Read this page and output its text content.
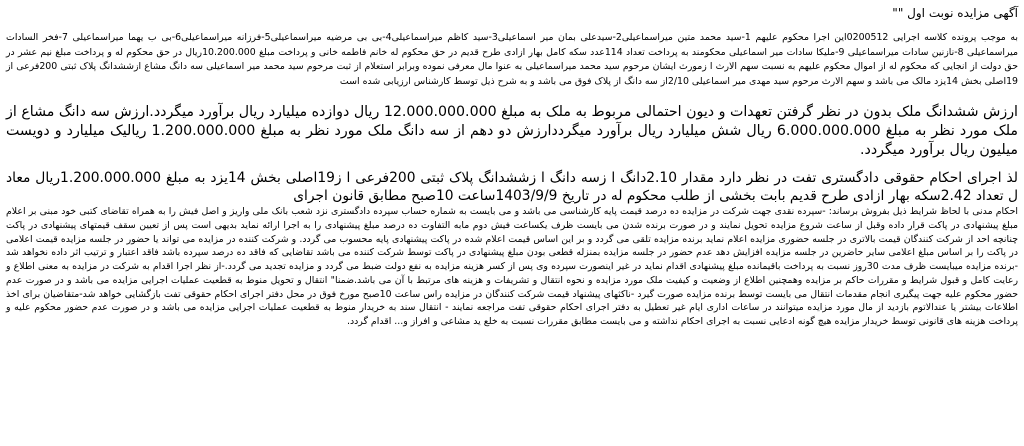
آگهی مزایده نوبت اول ""

به موجب پرونده کلاسه اجرایی 0200512این اجرا محکوم علیهم 1-سید محمد متین میراسماعیلی2-سیدعلی بمان میر اسماعیلی3-سید کاظم میراسماعیلی4-بی بی مرضیه میراسماعیلی5-فرزانه میراسماعیلی6-بی ب یهما میراسماعیلی 7-فخر السادات میراسماعیلی 8-نازنین سادات میراسماعیلی 9-ملیکا سادات میر اسماعیلی محکومند به پرداخت تعداد 114عدد سکه کامل بهار ازادی طرح قدیم در حق محکوم له خانم فاطمه خانی و پرداخت مبلغ 10.200.000ریال در حق محکوم له و پرداخت مبلغ نیم عشر در حق دولت از انجایی که محکوم له از اموال محکوم علیهم به نسبت سهم الارث ا زمورث ایشان مرحوم سید محمد میراسماعیلی به عنوا مال معرفی نموده وبرابر استعلام از ثبت مرحوم سید محمد میر اسماعیلی سه دانگ مشاع ازششدانگ پلاک ثبتی 200فرعی از 19اصلی بخش 14یزد مالک می باشد و سهم الارث مرحوم سید مهدی میر اسماعیلی 2/10از سه دانگ از پلاک فوق می باشد و به شرح ذیل توسط کارشناس ارزیابی شده است

ارزش ششدانگ ملک بدون در نظر گرفتن تعهدات و دیون احتمالی مربوط به ملک به مبلغ 12.000.000.000 ریال دوازده میلیارد ریال برآورد میگردد.ارزش سه دانگ مشاع از ملک مورد نظر به مبلغ 6.000.000.000 ریال شش میلیارد ریال برآورد میگرددارزش دو دهم از سه دانگ ملک مورد نظر به مبلغ 1.200.000.000 ریالیک میلیارد و دویست میلیون ریال برآورد میگردد.

لذ اجرای احکام حقوقی دادگستری تفت در نظر دارد مقدار 2.10دانگ ا زسه دانگ ا زششدانگ پلاک ثبتی 200فرعی ا ز19اصلی بخش 14یزد به مبلغ 1.200.000.000ریال معاد ل تعداد 2.42سکه بهار ازادی طرح قدیم بابت بخشی از طلب محکوم له در تاریخ 1403/9/9ساعت 10صبح مطابق قانون اجرای

احکام مدنی با لحاظ شرایط ذیل بفروش برساند: -سپرده نقدی جهت شرکت در مزایده ده درصد قیمت پایه کارشناسی می باشد و می بایست به شماره حساب سپرده دادگستری نزد شعب بانک ملی واریز و اصل فیش را به همراه تقاضای کتبی خود مبنی بر اعلام مبلغ پیشنهادی در پاکت قرار داده وقبل از ساعت شروع مزایده تحویل نمایند و در صورت برنده شدن می بایست ظرف یکساعت فیش دوم مابه التفاوت ده درصد مبلغ پیشنهادی را به اجرا ارائه نماید بدیهی است پس از تعیین سقف قیمتهای پیشنهادی در پاکت چنانچه احد از شرکت کنندگان قیمت بالاتری در جلسه حضوری مزایده اعلام نماید برنده مزایده تلقی می گردد و بر این اساس قیمت اعلام شده در پاکت پیشنهادی پایه محسوب می گردد. و شرکت کننده در مزایده می تواند یا حضور در جلسه مزایده قیمت اعلامی در پاکت را بر اساس مبلغ اعلامی سایر حاضرین در جلسه مزایده افزایش دهد عدم حضور در جلسه مزایده بمنزله قطعی بودن مبلغ پیشنهادی در پاکت توسط شرکت کننده می باشد تقاضایی که فاقد ده درصد سپرده باشد فاقد اعتبار و ترتیب اثر داده نخواهد شد -برنده مزایده میبایست ظرف مدت 30روز نسبت به پرداخت باقیمانده مبلغ پیشنهادی اقدام نماید در غیر اینصورت سپرده وی پس از کسر هزینه مزایده به نفع دولت ضبط می گردد و مزایده تجدید می گردد.-از نظر اجرا اقدام به شرکت در مزایده به معنی اطلاع و رعایت کامل و قبول شرایط و مقررات حاکم بر مزایده وهمچنین اطلاع از وضعیت و کیفیت ملک مورد مزایده و نحوه انتقال و تشریفات و هزینه های مرتبط با آن می باشد.ضمنا" انتقال و تحویل منوط به قطعیت عملیات اجرایی مزایده می باشد و در صورت عدم حضور محکوم علیه جهت پیگیری انجام مقدمات انتقال می بایست توسط برنده مزایده صورت گیرد -ناکثهای پیشنهاد قیمت شرکت کنندگان در مزایده راس ساعت 10صبح مورخ فوق در محل دفتر اجرای احکام حقوقی تفت بازگشایی خواهد شد-متقاضیان برای اخذ اطلاعات بیشتر یا عندالاتوم بازدید از مال مورد مزایده میتوانند در ساعات اداری ایام غیر تعطیل به دفتر اجرای احکام حقوقی تفت مراجعه نمایند - انتقال سند به خریدار منوط به قطعیت عملیات اجرایی مزایده می باشد و در صورت عدم حضور محکوم علیه و پرداخت هزینه های قانونی توسط خریدار مزایده هیچ گونه ادعایی نسبت به اجرای احکام نداشته و می بایست مطابق مقررات نسبت به خلع ید مشاعی و افراز و... اقدام گردد.
